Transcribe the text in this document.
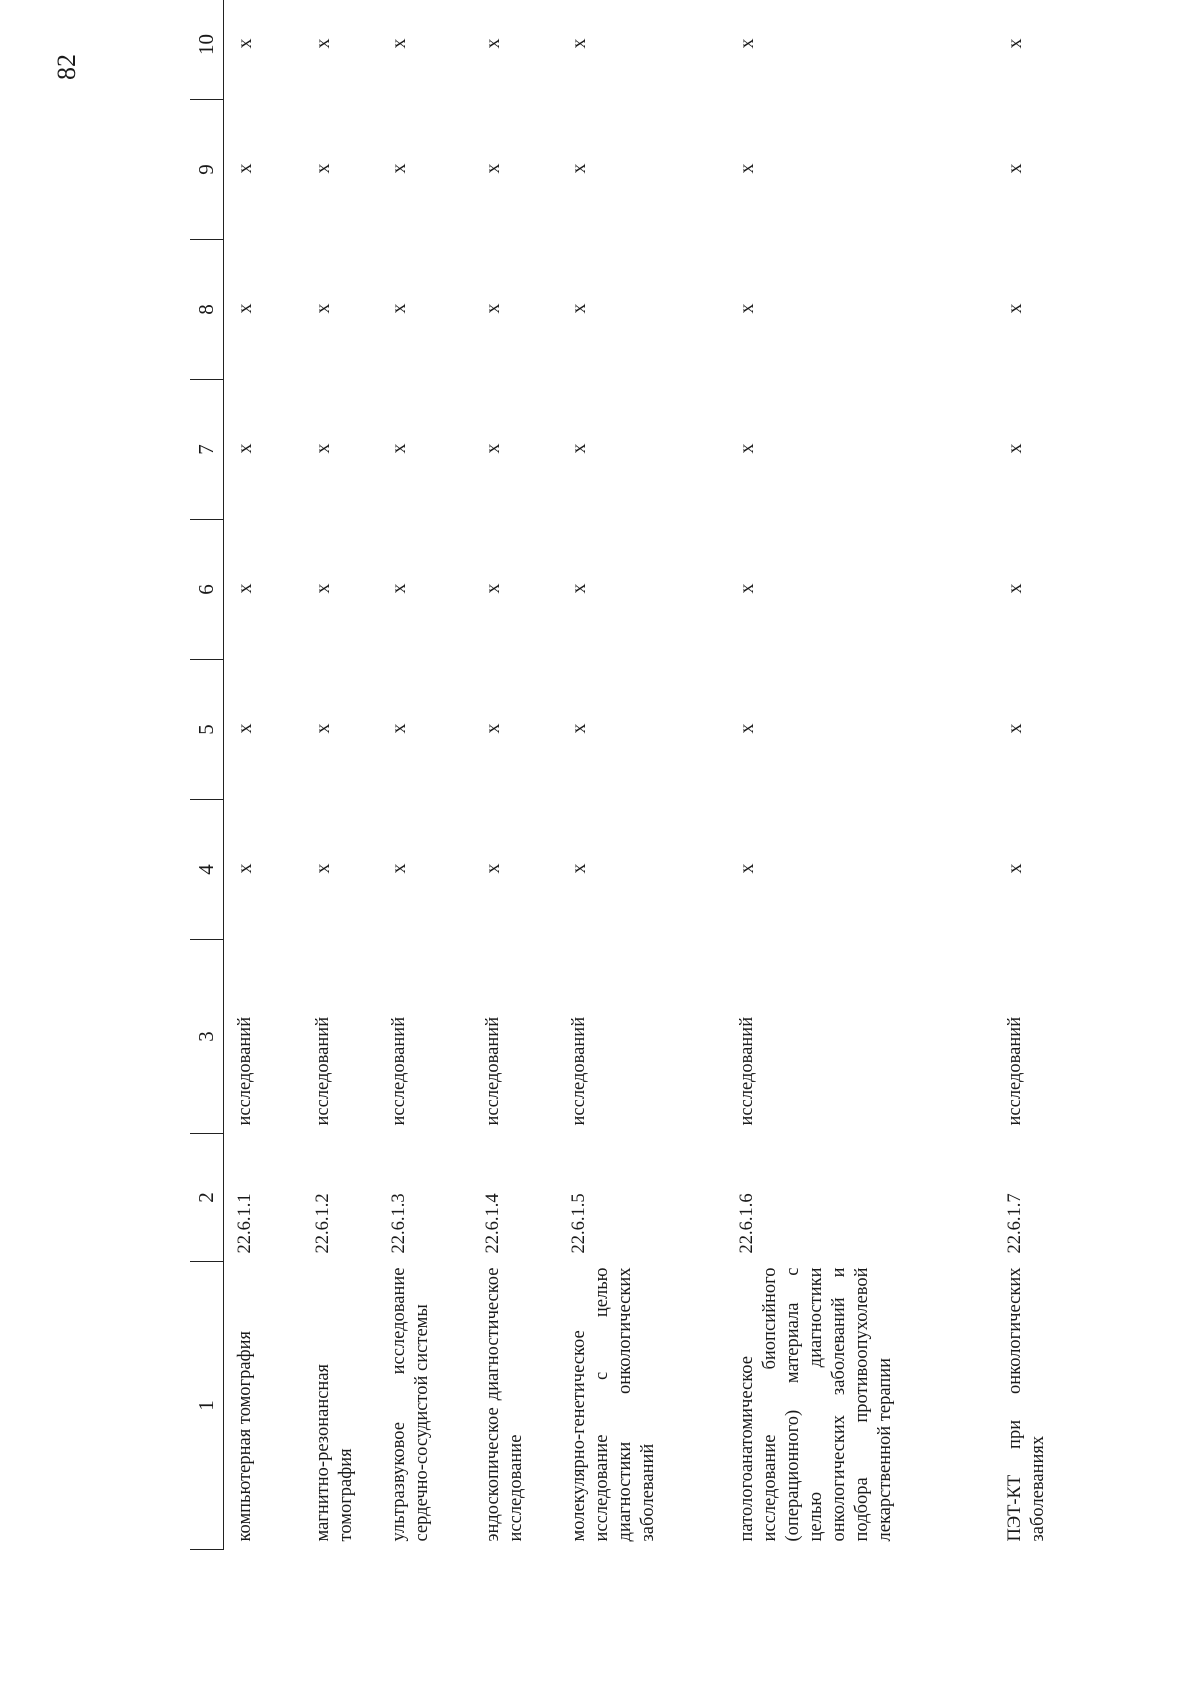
82
1	2	3	4	5	6	7	8	9	10

компьютерная томография	22.6.1.1	исследований	x	x	x	x	x	x	x

магнитно-резонансная томография	22.6.1.2	исследований	x	x	x	x	x	x	x

ультразвуковое исследование сердечно-сосудистой системы	22.6.1.3	исследований	x	x	x	x	x	x	x

эндоскопическое диагностическое исследование	22.6.1.4	исследований	x	x	x	x	x	x	x

молекулярно-генетическое исследование с целью диагностики онкологических заболеваний	22.6.1.5	исследований	x	x	x	x	x	x	x

патологоанатомическое исследование биопсийного (операционного) материала с целью диагностики онкологических заболеваний и подбора противоопухолевой лекарственной терапии	22.6.1.6	исследований	x	x	x	x	x	x	x

ПЭТ-КТ при онкологических заболеваниях	22.6.1.7	исследований	x	x	x	x	x	x	x
